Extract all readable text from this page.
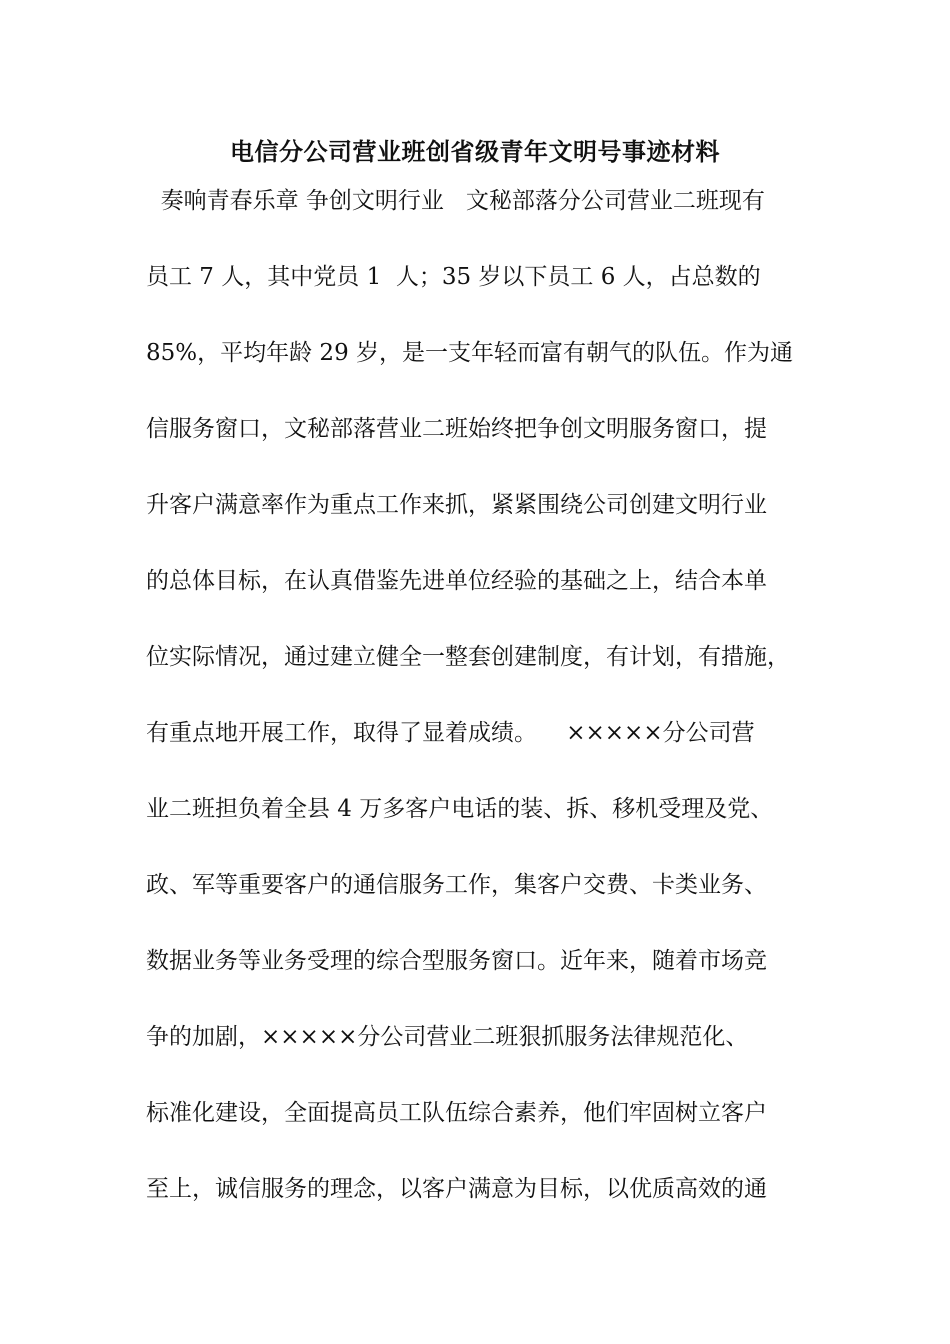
电信分公司营业班创省级青年文明号事迹材料
奏响青春乐章 争创文明行业   文秘部落分公司营业二班现有
员工 7 人，其中党员 1  人；35 岁以下员工 6 人，占总数的
85%，平均年龄 29 岁，是一支年轻而富有朝气的队伍。作为通
信服务窗口，文秘部落营业二班始终把争创文明服务窗口，提
升客户满意率作为重点工作来抓，紧紧围绕公司创建文明行业
的总体目标，在认真借鉴先进单位经验的基础之上，结合本单
位实际情况，通过建立健全一整套创建制度，有计划，有措施，
有重点地开展工作，取得了显着成绩。    ×××××分公司营
业二班担负着全县 4 万多客户电话的装、拆、移机受理及党、
政、军等重要客户的通信服务工作，集客户交费、卡类业务、
数据业务等业务受理的综合型服务窗口。近年来，随着市场竞
争的加剧，×××××分公司营业二班狠抓服务法律规范化、
标准化建设，全面提高员工队伍综合素养，他们牢固树立客户
至上，诚信服务的理念，以客户满意为目标，以优质高效的通
